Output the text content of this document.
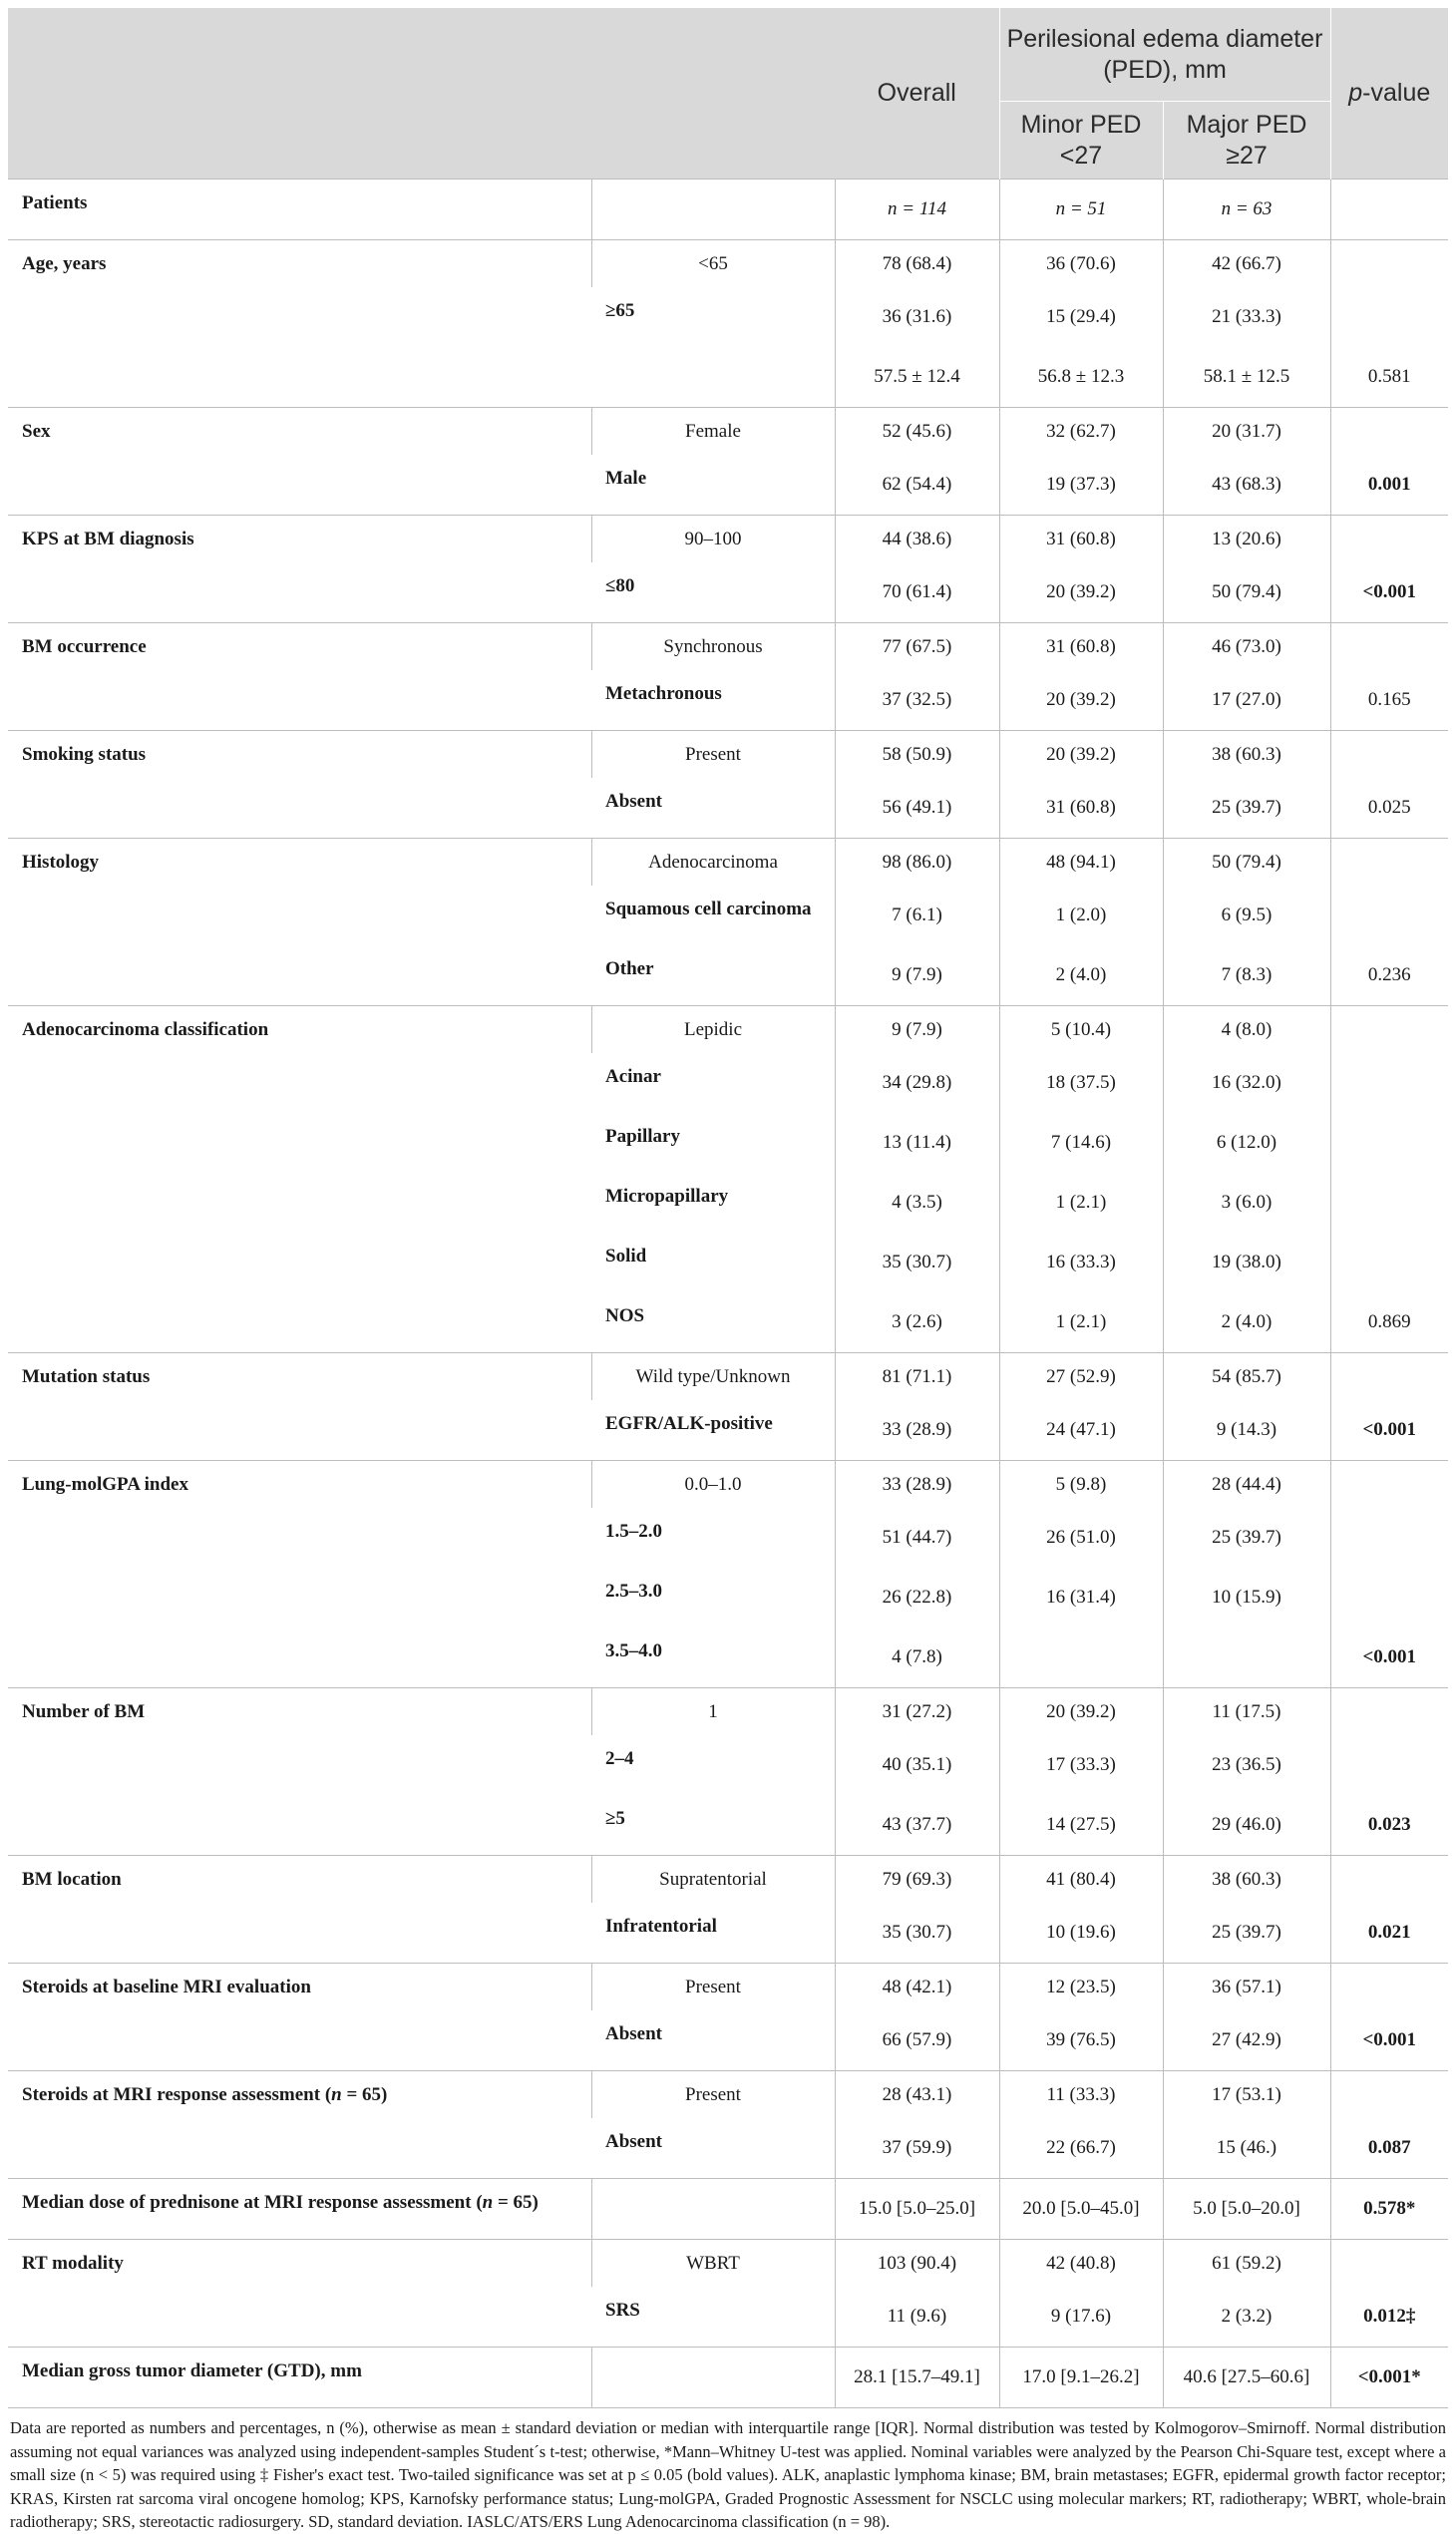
		Overall	Perilesional edema diameter (PED), mm		p-value
			Minor PED <27	Major PED ≥27	
Patients		n = 114	n = 51	n = 63	
Age, years	<65	78 (68.4)	36 (70.6)	42 (66.7)	
	≥65	36 (31.6)	15 (29.4)	21 (33.3)	
		57.5 ± 12.4	56.8 ± 12.3	58.1 ± 12.5	0.581
Sex	Female	52 (45.6)	32 (62.7)	20 (31.7)	
	Male	62 (54.4)	19 (37.3)	43 (68.3)	0.001
KPS at BM diagnosis	90–100	44 (38.6)	31 (60.8)	13 (20.6)	
	≤80	70 (61.4)	20 (39.2)	50 (79.4)	<0.001
BM occurrence	Synchronous	77 (67.5)	31 (60.8)	46 (73.0)	
	Metachronous	37 (32.5)	20 (39.2)	17 (27.0)	0.165
Smoking status	Present	58 (50.9)	20 (39.2)	38 (60.3)	
	Absent	56 (49.1)	31 (60.8)	25 (39.7)	0.025
Histology	Adenocarcinoma	98 (86.0)	48 (94.1)	50 (79.4)	
	Squamous cell carcinoma	7 (6.1)	1 (2.0)	6 (9.5)	
	Other	9 (7.9)	2 (4.0)	7 (8.3)	0.236
Adenocarcinoma classification	Lepidic	9 (7.9)	5 (10.4)	4 (8.0)	
	Acinar	34 (29.8)	18 (37.5)	16 (32.0)	
	Papillary	13 (11.4)	7 (14.6)	6 (12.0)	
	Micropapillary	4 (3.5)	1 (2.1)	3 (6.0)	
	Solid	35 (30.7)	16 (33.3)	19 (38.0)	
	NOS	3 (2.6)	1 (2.1)	2 (4.0)	0.869
Mutation status	Wild type/Unknown	81 (71.1)	27 (52.9)	54 (85.7)	
	EGFR/ALK-positive	33 (28.9)	24 (47.1)	9 (14.3)	<0.001
Lung-molGPA index	0.0–1.0	33 (28.9)	5 (9.8)	28 (44.4)	
	1.5–2.0	51 (44.7)	26 (51.0)	25 (39.7)	
	2.5–3.0	26 (22.8)	16 (31.4)	10 (15.9)	
	3.5–4.0	4 (7.8)			<0.001
Number of BM	1	31 (27.2)	20 (39.2)	11 (17.5)	
	2–4	40 (35.1)	17 (33.3)	23 (36.5)	
	≥5	43 (37.7)	14 (27.5)	29 (46.0)	0.023
BM location	Supratentorial	79 (69.3)	41 (80.4)	38 (60.3)	
	Infratentorial	35 (30.7)	10 (19.6)	25 (39.7)	0.021
Steroids at baseline MRI evaluation	Present	48 (42.1)	12 (23.5)	36 (57.1)	
	Absent	66 (57.9)	39 (76.5)	27 (42.9)	<0.001
Steroids at MRI response assessment (n = 65)	Present	28 (43.1)	11 (33.3)	17 (53.1)	
	Absent	37 (59.9)	22 (66.7)	15 (46.)	0.087
Median dose of prednisone at MRI response assessment (n = 65)		15.0 [5.0–25.0]	20.0 [5.0–45.0]	5.0 [5.0–20.0]	0.578*
RT modality	WBRT	103 (90.4)	42 (40.8)	61 (59.2)	
	SRS	11 (9.6)	9 (17.6)	2 (3.2)	0.012‡
Median gross tumor diameter (GTD), mm		28.1 [15.7–49.1]	17.0 [9.1–26.2]	40.6 [27.5–60.6]	<0.001*
Data are reported as numbers and percentages, n (%), otherwise as mean ± standard deviation or median with interquartile range [IQR]. Normal distribution was tested by Kolmogorov–Smirnoff. Normal distribution assuming not equal variances was analyzed using independent-samples Student´s t-test; otherwise, *Mann–Whitney U-test was applied. Nominal variables were analyzed by the Pearson Chi-Square test, except where a small size (n < 5) was required using ‡ Fisher's exact test. Two-tailed significance was set at p ≤ 0.05 (bold values). ALK, anaplastic lymphoma kinase; BM, brain metastases; EGFR, epidermal growth factor receptor; KRAS, Kirsten rat sarcoma viral oncogene homolog; KPS, Karnofsky performance status; Lung-molGPA, Graded Prognostic Assessment for NSCLC using molecular markers; RT, radiotherapy; WBRT, whole-brain radiotherapy; SRS, stereotactic radiosurgery. SD, standard deviation. IASLC/ATS/ERS Lung Adenocarcinoma classification (n = 98).
